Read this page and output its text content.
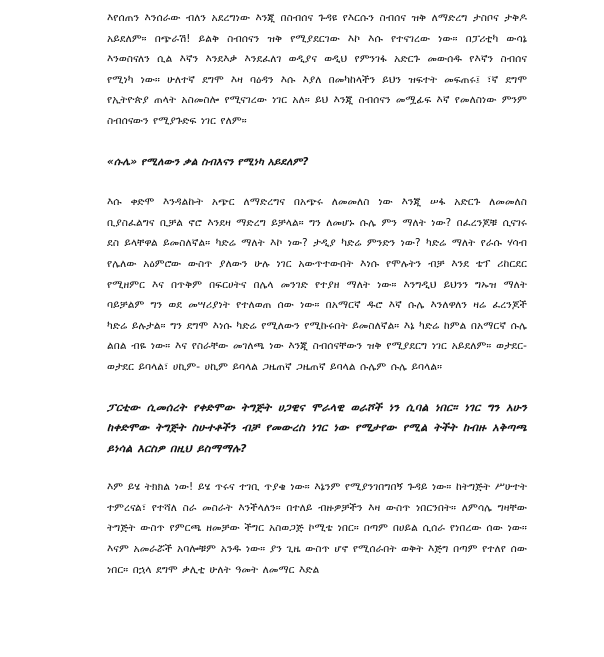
እየሰጠን እንሰራው ብለን አደረግነው እንጂ በስብሰና ጉዳዩ የእርሱን ስብሰና ዝቅ ለማድረግ ታስቦና ታቅዶ አይደለም። በጭራሽ! ይልቅ ስብሰናን ዝቅ የሚያደርገው እኮ እሱ የተናገረው ነው። በፓሪቲካ ውሳኔ እንወስናለን ሲል እኛን እንደእቃ እንደፈለገ ወዲያና ወዲህ የምንገፋ አድርጉ መውሰዱ የእኛን ስብሰና የሚነካ ነው። ሁለተኛ ደግሞ እዛ ባዕዳን እሱ እያለ በመካከላችን ይህን ዝፍተት መፍጠሩ፤ ፣ኛ ደግሞ የኢትዮጵያ ጠላት አስመስሎ የሚናገረው ነገር አለ። ይህ እንጂ ስብሰናን መሟፊፍ እኛ የመለስነው ምንም ስብሰናውን የሚያጉድፍ ነገር የለም።

«ሱሌ» የሚለውን ቃል ስብእናን የሚነካ አይደለም?

እሱ ቀድሞ እንዳልኩት አጭር ለማድረግና በአጭሩ ለመመለስ ነው እንጂ ሠፋ አድርጉ ለመመለስ ቢያስፈልግና ቢቻል ኖሮ እንደዛ ማድረግ ይቻላል። ግን ለመሆኑ ሱሌ ምን ማለት ነው? በፈረንጆቹ ሲናገሩ ደስ ይላቸዋል ይመስለኛል። ካድሬ ማለት እኮ ነው? ታዲያ ካድሬ ምንድን ነው? ካድሬ ማለት የራሱ ሃሳብ የሌለው አዕምሮው ውስጥ ያለውን ሁሉ ነገር አውጥተውበት እነሱ የሞሉትን ብቻ እንደ ቴፕ ሪከርደር የሚዘምር እና በጥቅም በፍርሀትና በሌላ መንገድ የተያዘ ማለት ነው። እንግዲህ ይህንን ግኡዝ ማለት ባይቻልም ግን ወደ መሣሪያነት የተለወጠ ሰው ነው። በአማርኛ ዱሮ እኛ ሱሌ እንለዋለን ዛሬ ፈረንጆች ካድሬ ይሉታል። ግን ደግሞ እነሱ ካድሬ የሚለውን የሚኩሩበት ይመስለኛል። እኔ ካድሬ ከምል በአማርኛ ሱሌ ልበል ብዬ ነው። እና የስራቸው መገለጫ ነው እንጂ ስብሰናቸውን ዝቅ የሚያደርግ ነገር አይደለም። ወታደር- ወታደር ይባላል፣ ሀኪም- ሀኪም ይባላል ጋዜጠኛ ጋዜጠኛ ይባላል ሱሌም ሱሌ ይባላል።

ፓርቲው ሲመሰረት የቀድሞው ትግጅት ሀጋዊና ሞራላዊ ወራሾች ነን ሲባል ነበር። ነገር ግን አሁን ከቀድሞው ትግጅት ስሁተቶችን ብቻ የመውረስ ነገር ነው የሚታየው የሚል ትችት ከብዙ አቅጣጫ ይነሳል እርስዎ በዚህ ይስማማሉ?

እም ይሄ ትክክል ነው! ይሄ ጥሩና ተገቢ ጥያቄ ነው። እኔንም የሚያንገበግበኝ ጉዳይ ነው። ከትግጅት ሥሁተት ተምረናል፣ የተሻለ ስራ መስራት እንችላለን። በተለይ ብዙዎቻችን እዛ ውስጥ ነበርንበት። ለምሳሌ ግዛቸው ትግጅት ውስጥ የምርጫ ዘመቻው ችግር አስወጋጅ ኮሚቴ ነበር። በጣም በሀይል ሲሰራ የነበረው ሰው ነው። እናም አመራሯች አባሎቹም አንዱ ነው። ያን ጊዜ ውስጥ ሆኖ የሚሰራበት ወቅት እጅግ በጣም የተለየ ሰው ነበር። በኋላ ደግሞ ቃሊቲ ሁለት ዓመት ለመማር እድል
